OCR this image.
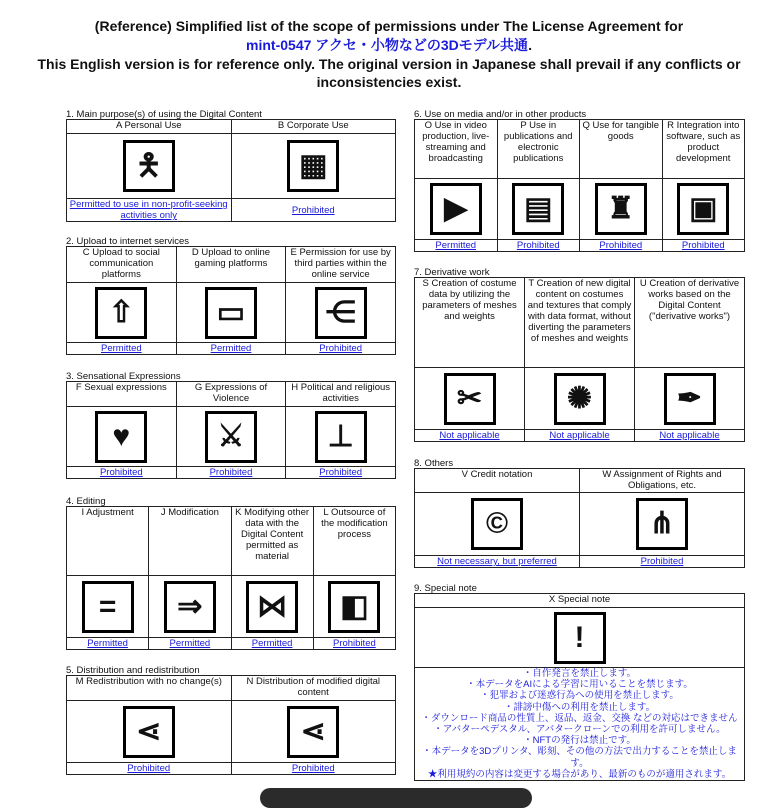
(Reference) Simplified list of the scope of permissions under The License Agreement for
mint-0547 アクセ・小物などの3Dモデル共通.
This English version is for reference only. The original version in Japanese shall prevail if any conflicts or
inconsistencies exist.
1. Main purpose(s) of using the Digital Content
A Personal Use	B Corporate Use
🯅	▦
Permitted to use in non-profit-seeking activities only	Prohibited
2. Upload to internet services
C Upload to social communication platforms	D Upload to online gaming platforms	E Permission for use by third parties within the online service
⇧	▭	⋲
Permitted	Permitted	Prohibited
3. Sensational Expressions
F Sexual expressions	G Expressions of Violence	H Political and religious activities
♥	⚔	⊥
Prohibited	Prohibited	Prohibited
4. Editing
I Adjustment	J Modification	K Modifying other data with the Digital Content permitted as material	L Outsource of the modification process
=	⇒	⋈	◧
Permitted	Permitted	Permitted	Prohibited
5. Distribution and redistribution
M Redistribution with no change(s)	N Distribution of modified digital content
⋖	⋖
Prohibited	Prohibited
6. Use on media and/or in other products
O Use in video production, live-streaming and broadcasting	P Use in publications and electronic publications	Q Use for tangible goods	R Integration into software, such as product development
▶	▤	♜	▣
Permitted	Prohibited	Prohibited	Prohibited
7. Derivative work
S Creation of costume data by utilizing the parameters of meshes and weights	T Creation of new digital content on costumes and textures that comply with data format, without diverting the parameters of meshes and weights	U Creation of derivative works based on the Digital Content ("derivative works")
✂	✺	✒
Not applicable	Not applicable	Not applicable
8. Others
V Credit notation	W Assignment of Rights and Obligations, etc.
©	⋔
Not necessary, but preferred	Prohibited
9. Special note
X Special note
!

・自作発言を禁止します。
・本データをAIによる学習に用いることを禁じます。
・犯罪および迷惑行為への使用を禁止します。
・誹謗中傷への利用を禁止します。
・ダウンロード商品の性質上、返品、返金、交換 などの対応はできません
・アバターペデスタル、アバタークローンでの利用を許可しません。
・NFTの発行は禁止です。
・本データを3Dプリンタ、彫刻、その他の方法で出力することを禁止します。
★利用規約の内容は変更する場合があり、最新のものが適用されます。
